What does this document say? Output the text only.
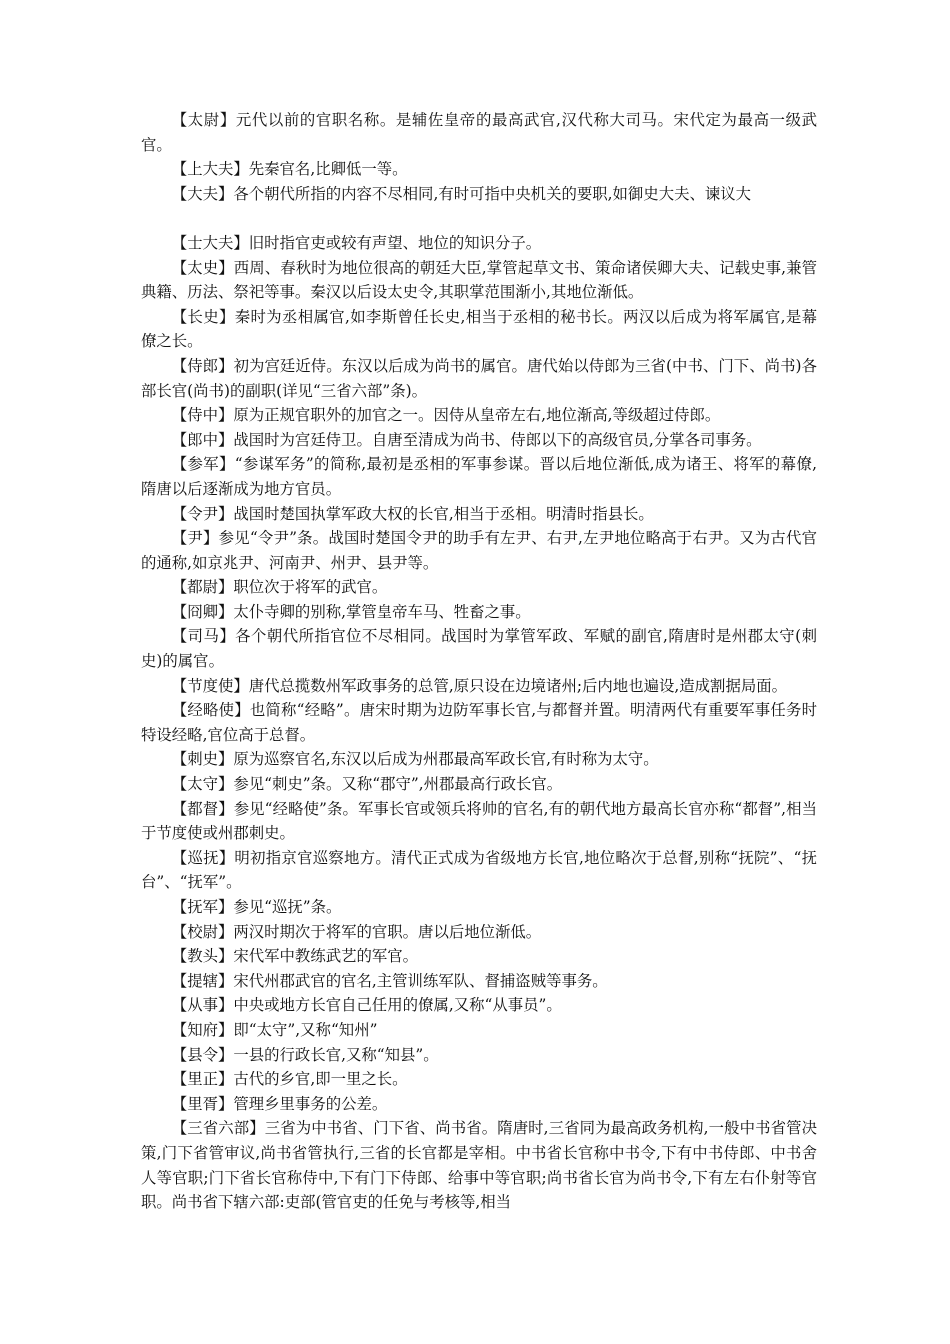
【太尉】元代以前的官职名称。是辅佐皇帝的最高武官,汉代称大司马。宋代定为最高一级武官。

【上大夫】先秦官名,比卿低一等。

【大夫】各个朝代所指的内容不尽相同,有时可指中央机关的要职,如御史大夫、谏议大

【士大夫】旧时指官吏或较有声望、地位的知识分子。

【太史】西周、春秋时为地位很高的朝廷大臣,掌管起草文书、策命诸侯卿大夫、记载史事,兼管典籍、历法、祭祀等事。秦汉以后设太史令,其职掌范围渐小,其地位渐低。

【长史】秦时为丞相属官,如李斯曾任长史,相当于丞相的秘书长。两汉以后成为将军属官,是幕僚之长。

【侍郎】初为宫廷近侍。东汉以后成为尚书的属官。唐代始以侍郎为三省(中书、门下、尚书)各部长官(尚书)的副职(详见“三省六部”条)。

【侍中】原为正规官职外的加官之一。因侍从皇帝左右,地位渐高,等级超过侍郎。

【郎中】战国时为宫廷侍卫。自唐至清成为尚书、侍郎以下的高级官员,分掌各司事务。

【参军】“参谋军务”的简称,最初是丞相的军事参谋。晋以后地位渐低,成为诸王、将军的幕僚,隋唐以后逐渐成为地方官员。

【令尹】战国时楚国执掌军政大权的长官,相当于丞相。明清时指县长。

【尹】参见“令尹”条。战国时楚国令尹的助手有左尹、右尹,左尹地位略高于右尹。又为古代官的通称,如京兆尹、河南尹、州尹、县尹等。

【都尉】职位次于将军的武官。

【冏卿】太仆寺卿的别称,掌管皇帝车马、牲畜之事。

【司马】各个朝代所指官位不尽相同。战国时为掌管军政、军赋的副官,隋唐时是州郡太守(刺史)的属官。

【节度使】唐代总揽数州军政事务的总管,原只设在边境诸州;后内地也遍设,造成割据局面。

【经略使】也简称“经略”。唐宋时期为边防军事长官,与都督并置。明清两代有重要军事任务时特设经略,官位高于总督。

【刺史】原为巡察官名,东汉以后成为州郡最高军政长官,有时称为太守。

【太守】参见“刺史”条。又称“郡守”,州郡最高行政长官。

【都督】参见“经略使”条。军事长官或领兵将帅的官名,有的朝代地方最高长官亦称“都督”,相当于节度使或州郡刺史。

【巡抚】明初指京官巡察地方。清代正式成为省级地方长官,地位略次于总督,别称“抚院”、“抚台”、“抚军”。

【抚军】参见“巡抚”条。

【校尉】两汉时期次于将军的官职。唐以后地位渐低。

【教头】宋代军中教练武艺的军官。

【提辖】宋代州郡武官的官名,主管训练军队、督捕盗贼等事务。

【从事】中央或地方长官自己任用的僚属,又称“从事员”。

【知府】即“太守”,又称“知州”

【县令】一县的行政长官,又称“知县”。

【里正】古代的乡官,即一里之长。

【里胥】管理乡里事务的公差。

【三省六部】三省为中书省、门下省、尚书省。隋唐时,三省同为最高政务机构,一般中书省管决策,门下省管审议,尚书省管执行,三省的长官都是宰相。中书省长官称中书令,下有中书侍郎、中书舍人等官职;门下省长官称侍中,下有门下侍郎、给事中等官职;尚书省长官为尚书令,下有左右仆射等官职。尚书省下辖六部:吏部(管官吏的任免与考核等,相当
